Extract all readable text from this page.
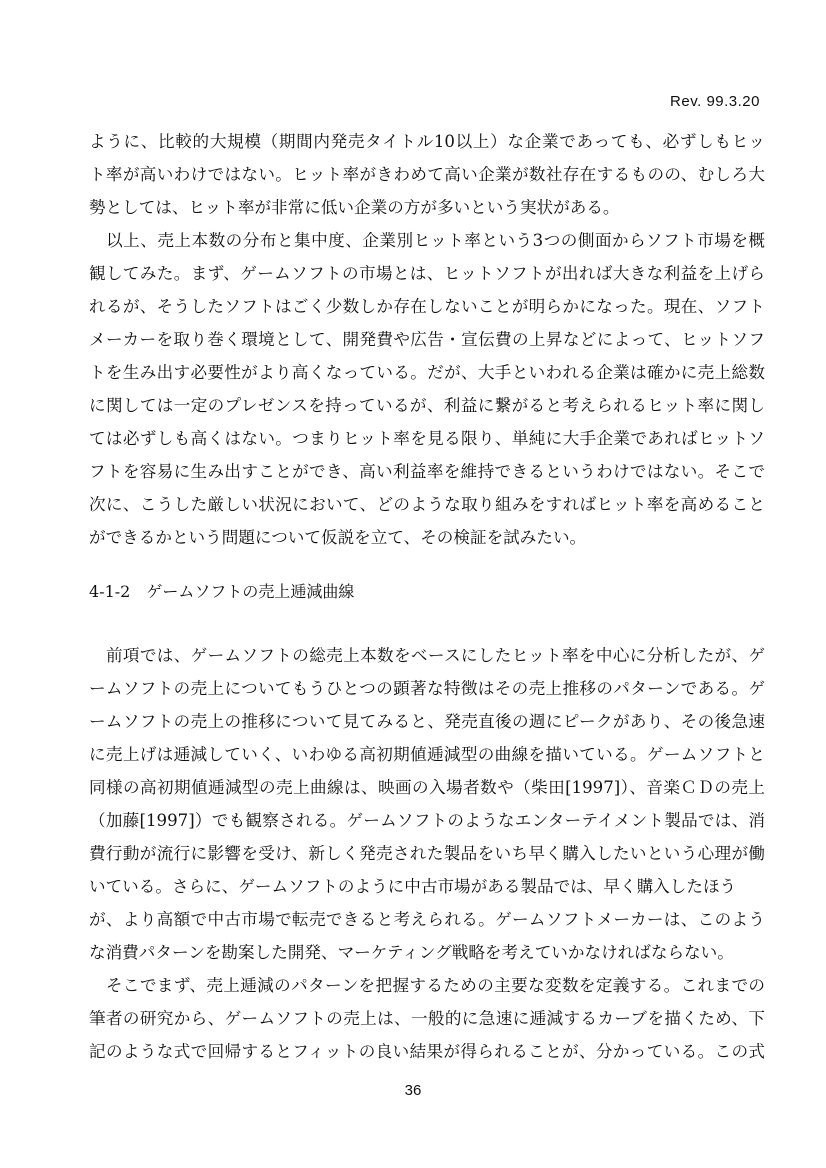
Rev. 99.3.20

ように、比較的大規模（期間内発売タイトル10以上）な企業であっても、必ずしもヒッ

ト率が高いわけではない。ヒット率がきわめて高い企業が数社存在するものの、むしろ大

勢としては、ヒット率が非常に低い企業の方が多いという実状がある。

　以上、売上本数の分布と集中度、企業別ヒット率という3つの側面からソフト市場を概

観してみた。まず、ゲームソフトの市場とは、ヒットソフトが出れば大きな利益を上げら

れるが、そうしたソフトはごく少数しか存在しないことが明らかになった。現在、ソフト

メーカーを取り巻く環境として、開発費や広告・宣伝費の上昇などによって、ヒットソフ

トを生み出す必要性がより高くなっている。だが、大手といわれる企業は確かに売上総数

に関しては一定のプレゼンスを持っているが、利益に繋がると考えられるヒット率に関し

ては必ずしも高くはない。つまりヒット率を見る限り、単純に大手企業であればヒットソ

フトを容易に生み出すことができ、高い利益率を維持できるというわけではない。そこで

次に、こうした厳しい状況において、どのような取り組みをすればヒット率を高めること

ができるかという問題について仮説を立て、その検証を試みたい。

4-1-2　ゲームソフトの売上逓減曲線

　前項では、ゲームソフトの総売上本数をベースにしたヒット率を中心に分析したが、ゲ

ームソフトの売上についてもうひとつの顕著な特徴はその売上推移のパターンである。ゲ

ームソフトの売上の推移について見てみると、発売直後の週にピークがあり、その後急速

に売上げは逓減していく、いわゆる高初期値逓減型の曲線を描いている。ゲームソフトと

同様の高初期値逓減型の売上曲線は、映画の入場者数や（柴田[1997]）、音楽ＣＤの売上

（加藤[1997]）でも観察される。ゲームソフトのようなエンターテイメント製品では、消

費行動が流行に影響を受け、新しく発売された製品をいち早く購入したいという心理が働

いている。さらに、ゲームソフトのように中古市場がある製品では、早く購入したほう

が、より高額で中古市場で転売できると考えられる。ゲームソフトメーカーは、このよう

な消費パターンを勘案した開発、マーケティング戦略を考えていかなければならない。

　そこでまず、売上逓減のパターンを把握するための主要な変数を定義する。これまでの

筆者の研究から、ゲームソフトの売上は、一般的に急速に逓減するカーブを描くため、下

記のような式で回帰するとフィットの良い結果が得られることが、分かっている。この式

36
